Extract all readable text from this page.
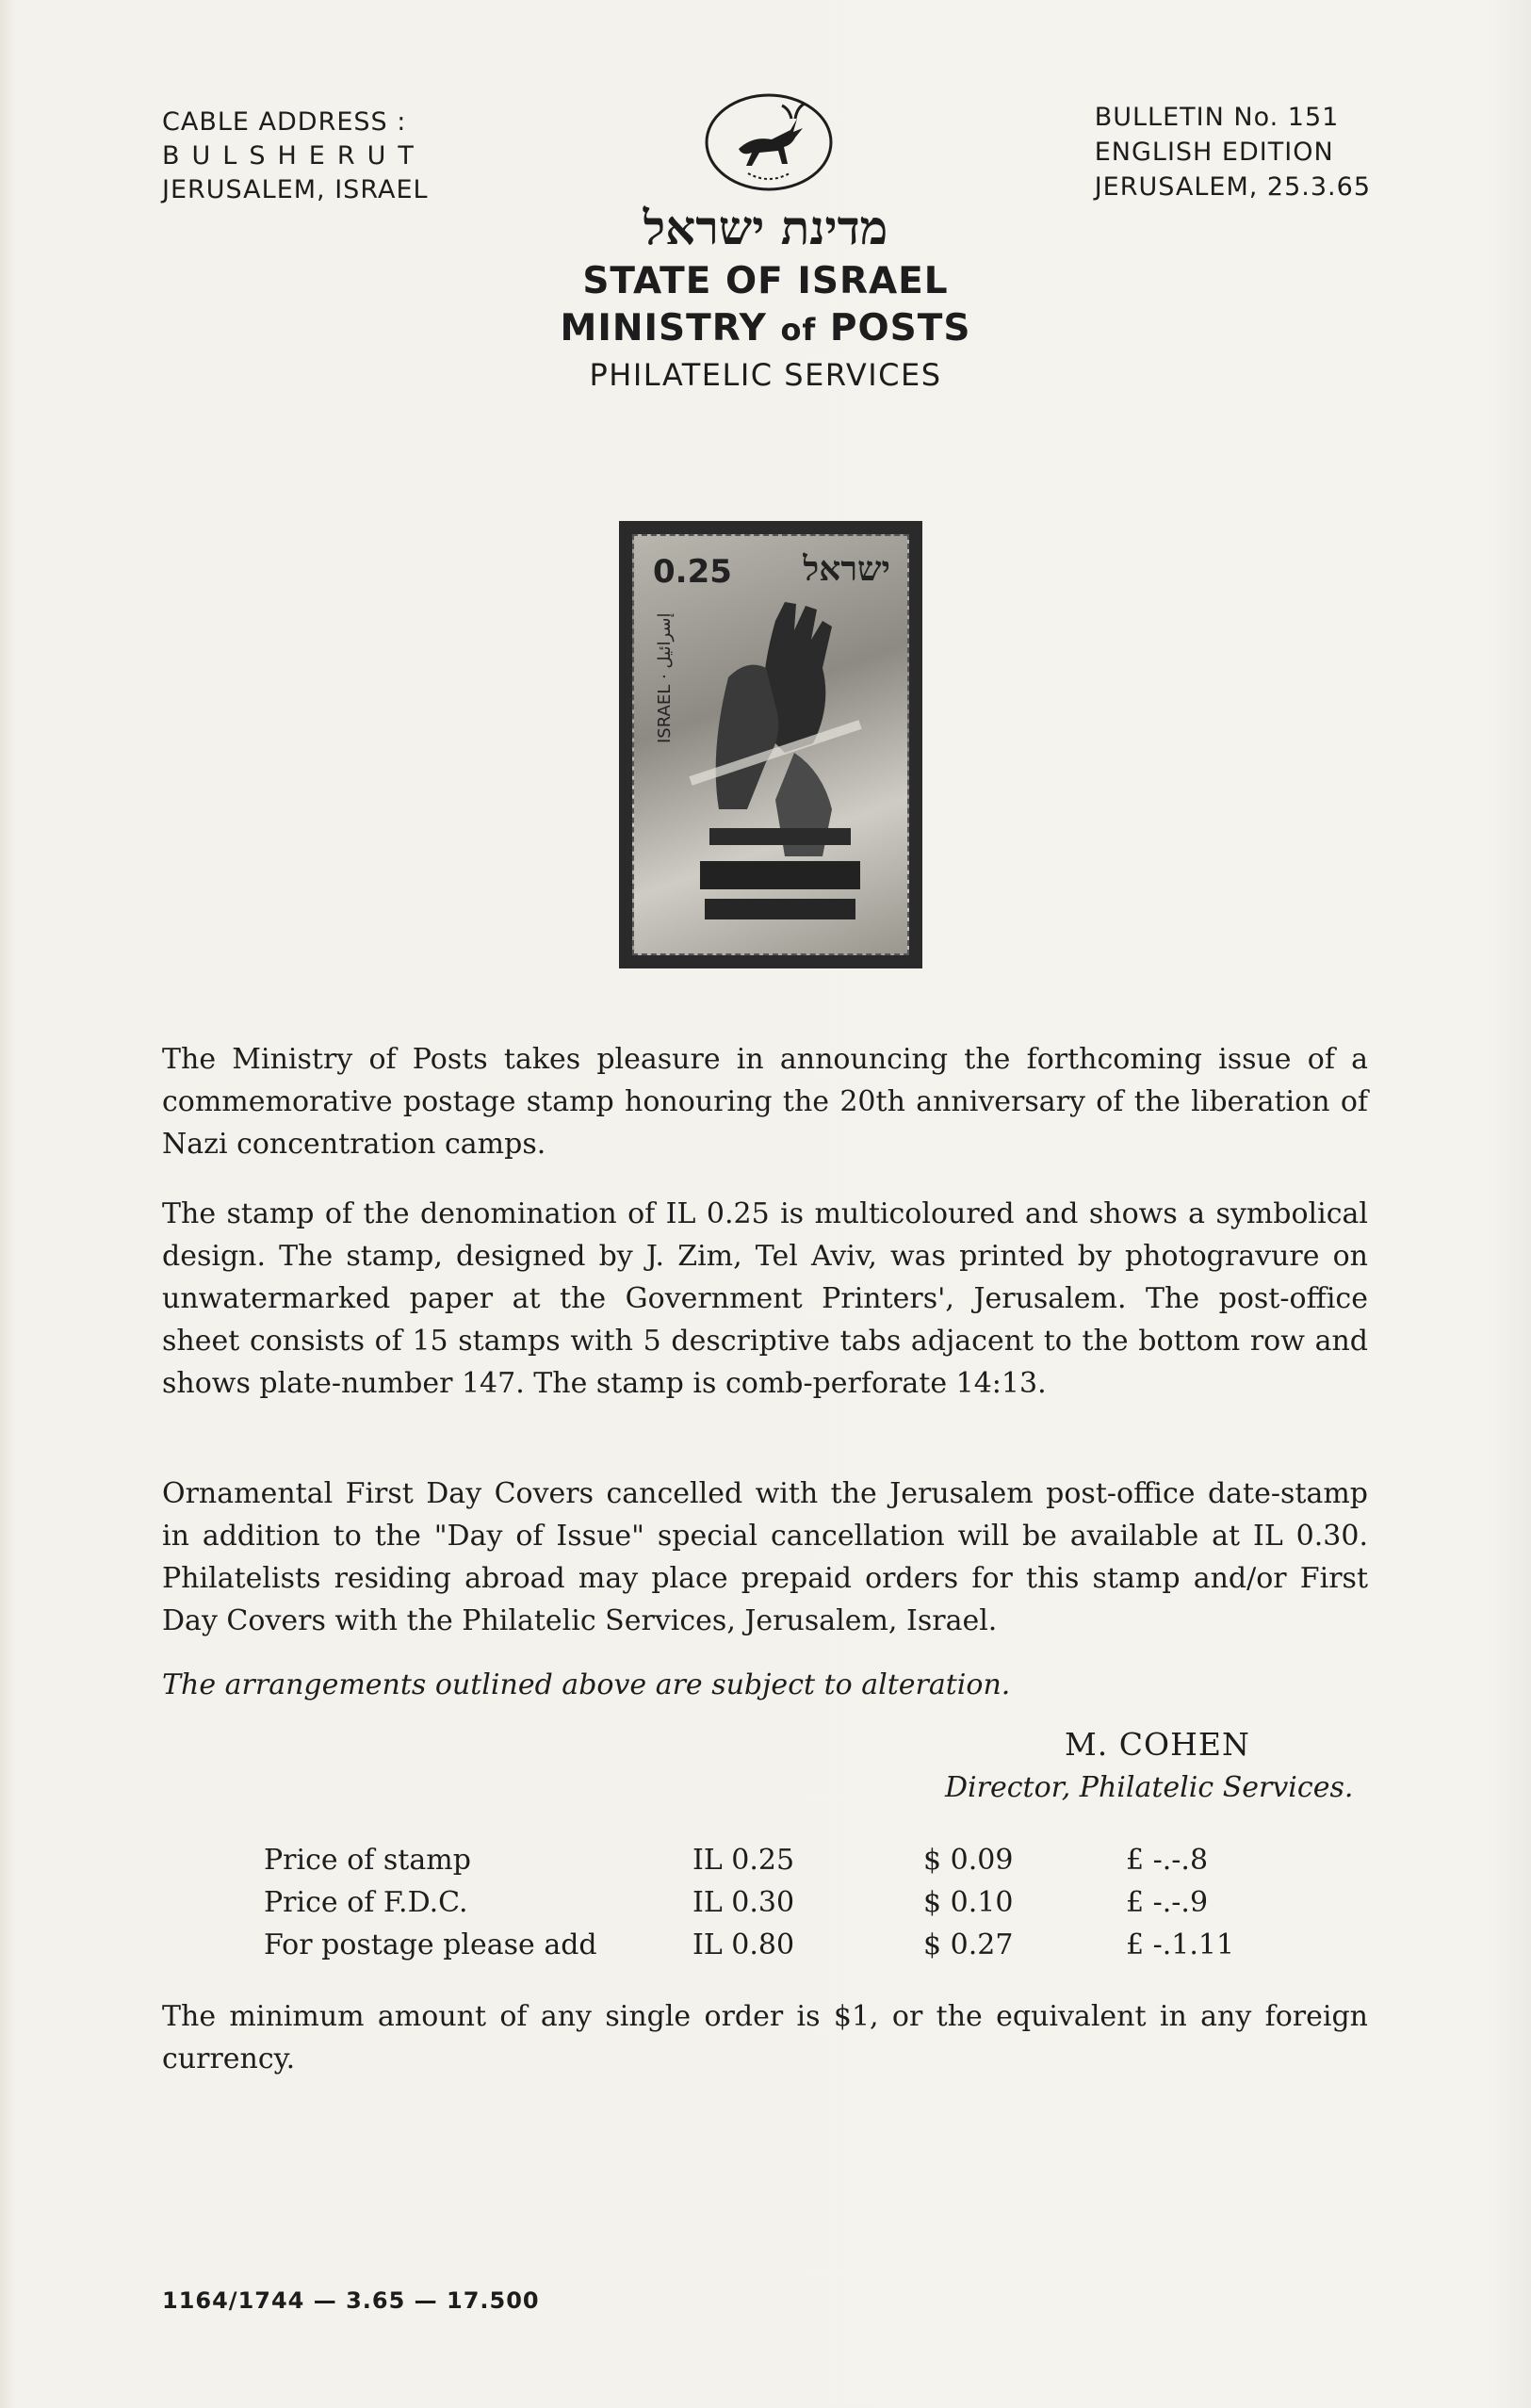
CABLE ADDRESS :
BULSHERUT
JERUSALEM, ISRAEL
BULLETIN No. 151
ENGLISH EDITION
JERUSALEM, 25.3.65

מדינת ישראל

STATE OF ISRAEL

MINISTRY of POSTS

PHILATELIC SERVICES

0.25 ישראל
ISRAEL · إسرائيل

The Ministry of Posts takes pleasure in announcing the forthcoming issue of a commemorative postage stamp honouring the 20th anniversary of the liberation of Nazi concentration camps.

The stamp of the denomination of IL 0.25 is multicoloured and shows a symbolical design. The stamp, designed by J. Zim, Tel Aviv, was printed by photogravure on unwatermarked paper at the Government Printers', Jerusalem. The post-office sheet consists of 15 stamps with 5 descriptive tabs adjacent to the bottom row and shows plate-number 147. The stamp is comb-perforate 14:13.

Ornamental First Day Covers cancelled with the Jerusalem post-office date-stamp in addition to the "Day of Issue" special cancellation will be available at IL 0.30. Philatelists residing abroad may place prepaid orders for this stamp and/or First Day Covers with the Philatelic Services, Jerusalem, Israel.

The arrangements outlined above are subject to alteration.

M. COHEN
Director, Philatelic Services.
Price of stamp	IL 0.25	$ 0.09	£ -.-.8
Price of F.D.C.	IL 0.30	$ 0.10	£ -.-.9
For postage please add	IL 0.80	$ 0.27	£ -.1.11

The minimum amount of any single order is $1, or the equivalent in any foreign currency.

1164/1744 — 3.65 — 17.500
